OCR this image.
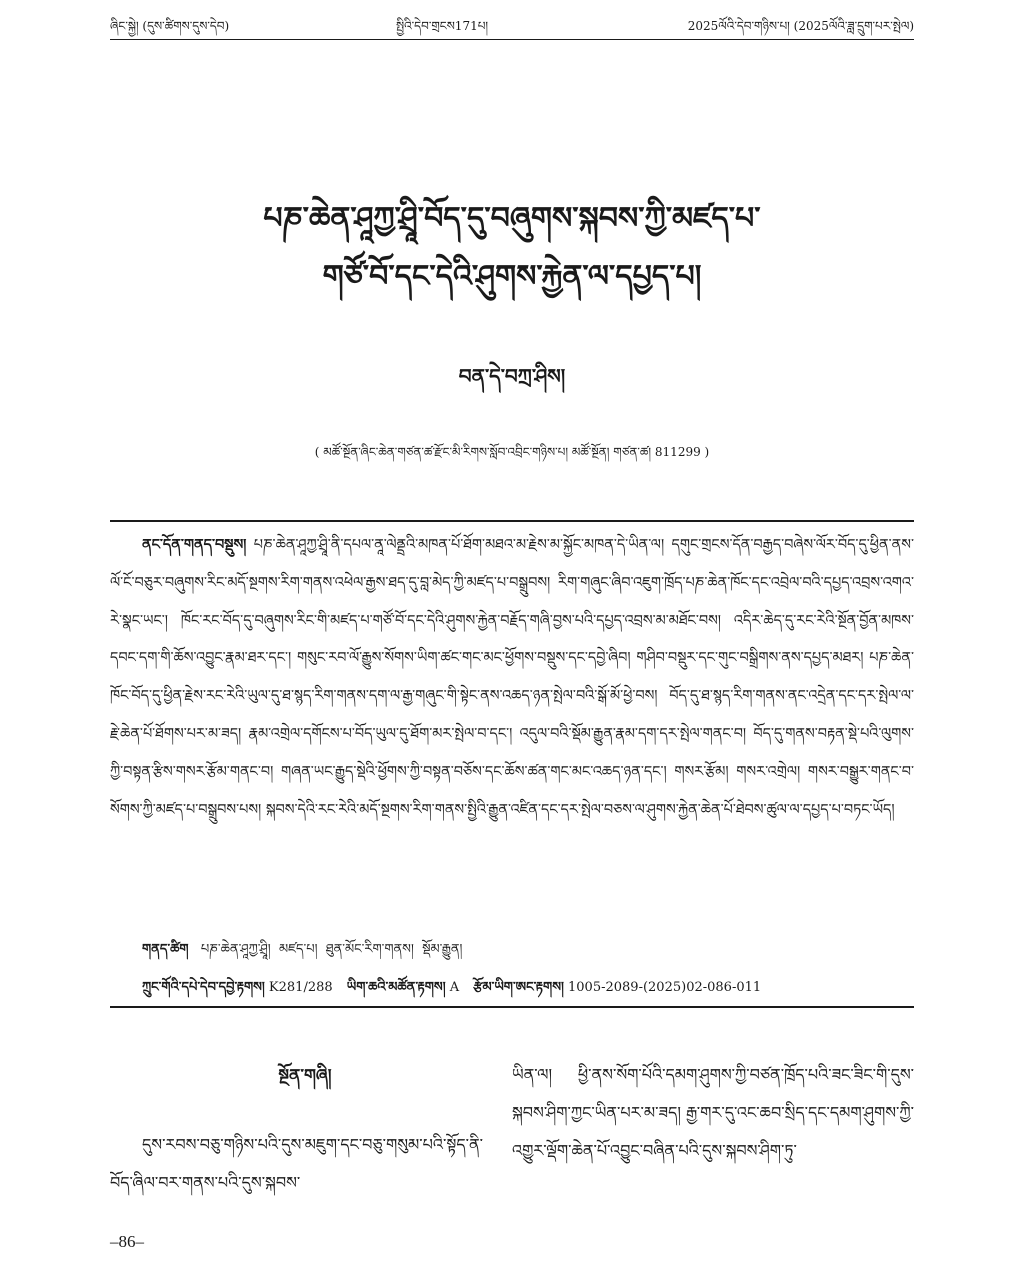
ཞིང་སྐྱེ། (དུས་ཚིགས་དུས་དེབ)	སྤྱིའི་དེབ་གྲངས171པ།	2025ལོའི་དེབ་གཉིས་པ། (2025ལོའི་ཟླ་དྲུག་པར་སྤེལ)
པཎ་ཆེན་ཤཱཀྱ་ཤྲཱི་བོད་དུ་བཞུགས་སྐབས་ཀྱི་མཛད་པ་
གཙོ་བོ་དང་དེའི་ཤུགས་རྐྱེན་ལ་དཔྱད་པ།
བན་དེ་བཀྲ་ཤིས།
( མཚོ་སྔོན་ཞིང་ཆེན་གཙན་ཚ་རྫོང་མི་རིགས་སློབ་འབྲིང་གཉིས་པ། མཚོ་སྔོན། གཙན་ཚ། 811299 )
ནང་དོན་གནད་བསྡུས། པཎ་ཆེན་ཤཱཀྱ་ཤྲཱི་ནི་དཔལ་ནཱ་ལེནྡྲའི་མཁན་པོ་ཐོག་མཐའ་མ་རྗེས་མ་སྐྱོང་མཁན་དེ་ཡིན་ལ། དགུང་གྲངས་དོན་བརྒྱད་བཞེས་ལོར་བོད་དུ་ཕྱིན་ནས་ལོ་ངོ་བཅུར་བཞུགས་རིང་མདོ་སྔགས་རིག་གནས་འཕེལ་རྒྱས་ཐད་དུ་བླ་མེད་ཀྱི་མཛད་པ་བསྒྲུབས། རིག་གཞུང་ཞིབ་འཇུག་ཁྲོད་པཎ་ཆེན་ཁོང་དང་འབྲེལ་བའི་དཔྱད་འབྲས་འགའ་རེ་སྣང་ཡང་། ཁོང་རང་བོད་དུ་བཞུགས་རིང་གི་མཛད་པ་གཙོ་བོ་དང་དེའི་ཤུགས་རྐྱེན་བརྗོད་གཞི་བྱས་པའི་དཔྱད་འབྲས་མ་མཐོང་བས། འདིར་ཆེད་དུ་རང་རེའི་སྔོན་བྱོན་མཁས་དབང་དག་གི་ཆོས་འབྱུང་རྣམ་ཐར་དང་། གསུང་རབ་ལོ་རྒྱུས་སོགས་ཡིག་ཚང་གང་མང་ཕྱོགས་བསྡུས་དང་དབྱེ་ཞིབ། གཤིབ་བསྡུར་དང་གུང་བསྒྲིགས་ནས་དཔྱད་མཐར། པཎ་ཆེན་ཁོང་བོད་དུ་ཕྱིན་རྗེས་རང་རེའི་ཡུལ་དུ་ཐ་སྙད་རིག་གནས་དག་ལ་རྒྱ་གཞུང་གི་སྟེང་ནས་འཆད་ཉན་སྤེལ་བའི་སྒོ་མོ་ཕྱེ་བས། བོད་དུ་ཐ་སྙད་རིག་གནས་ནང་འདྲེན་དང་དར་སྤེལ་ལ་རྗེ་ཆེན་པོ་ཐོགས་པར་མ་ཟད། རྣམ་འགྲེལ་དགོངས་པ་བོད་ཡུལ་དུ་ཐོག་མར་སྤེལ་བ་དང་། འདུལ་བའི་སྡོམ་རྒྱུན་རྣམ་དག་དར་སྤེལ་གནང་བ། བོད་དུ་གནས་བརྟན་སྡེ་པའི་ལུགས་ཀྱི་བསྟན་རྩིས་གསར་རྩོམ་གནང་བ། གཞན་ཡང་རྒྱུད་སྡེའི་ཕྱོགས་ཀྱི་བསྟན་བཅོས་དང་ཆོས་ཚན་གང་མང་འཆད་ཉན་དང་། གསར་རྩོམ། གསར་འགྲེལ། གསར་བསྒྱུར་གནང་བ་སོགས་ཀྱི་མཛད་པ་བསྒྲུབས་པས། སྐབས་དེའི་རང་རེའི་མདོ་སྔགས་རིག་གནས་སྤྱིའི་རྒྱུན་འཛིན་དང་དར་སྤེལ་བཅས་ལ་ཤུགས་རྐྱེན་ཆེན་པོ་ཐེབས་ཚུལ་ལ་དཔྱད་པ་བཏང་ཡོད།
གནད་ཚིག པཎ་ཆེན་ཤཱཀྱ་ཤྲཱི། མཛད་པ། ཐུན་མོང་རིག་གནས། སྡོམ་རྒྱུན།
ཀྲུང་གོའི་དཔེ་དེབ་དབྱེ་རྟགས། K281/288 ཡིག་ཆའི་མཚོན་རྟགས། A རྩོམ་ཡིག་ཨང་རྟགས། 1005-2089-(2025)02-086-011
སྔོན་གཞི།
དུས་རབས་བཅུ་གཉིས་པའི་དུས་མཇུག་དང་བཅུ་གསུམ་པའི་སྟོད་ནི་བོད་ཞིལ་བར་གནས་པའི་དུས་སྐབས་
ཡིན་ལ། ཕྱི་ནས་སོག་པོའི་དམག་ཤུགས་ཀྱི་བཙན་ཁྲོད་པའི་ཟང་ཟིང་གི་དུས་སྐབས་ཤིག་ཀྱང་ཡིན་པར་མ་ཟད། རྒྱ་གར་དུ་འང་ཆབ་སྲིད་དང་དམག་ཤུགས་ཀྱི་འགྱུར་ལྡོག་ཆེན་པོ་འབྱུང་བཞིན་པའི་དུས་སྐབས་ཤིག་ཏུ་
–86–
